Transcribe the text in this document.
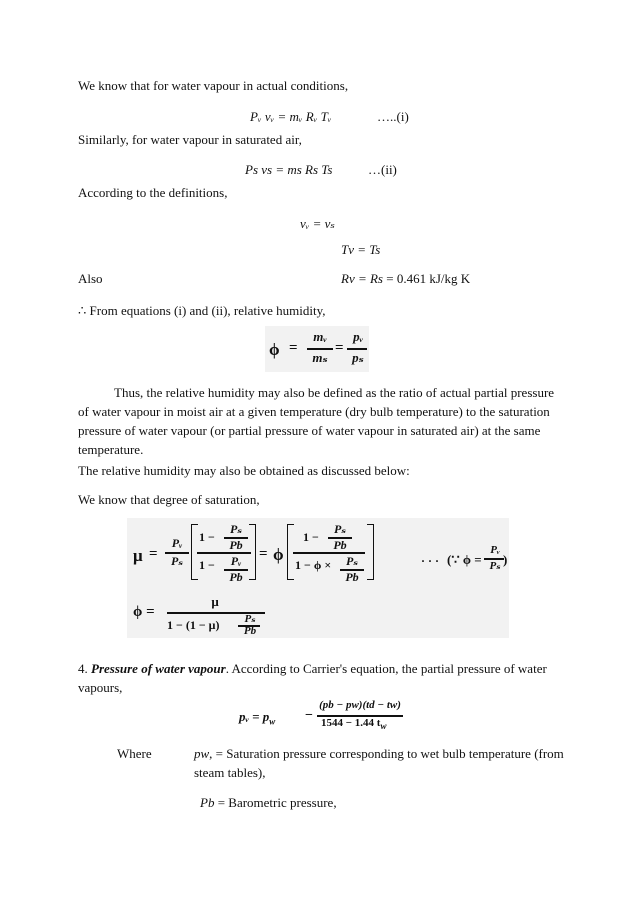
We know that for water vapour in actual conditions,
Pᵥ vᵥ = mᵥ Rᵥ Tᵥ	…..(i)
Similarly, for water vapour in saturated air,
Ps vs = ms Rs Ts	…(ii)
According to the definitions,
vᵥ = vₛ
Tv = Ts
Also	Rv = Rs = 0.461 kJ/kg K
∴ From equations (i) and (ii), relative humidity,
ϕ =
mᵥ
mₛ
=
pᵥ
pₛ
Thus, the relative humidity may also be defined as the ratio of actual partial pressure of water vapour in moist air at a given temperature (dry bulb temperature) to the saturation pressure of water vapour (or partial pressure of water vapour in saturated air) at the same temperature.
The relative humidity may also be obtained as discussed below:
We know that degree of saturation,
μ =
Pᵥ
Pₛ
1 −
Pₛ
Pb
1 −	Pᵥ
Pb
= ϕ
1 −
Pₛ
Pb
1 − ϕ ×	Pₛ
Pb
· · · (∵ ϕ =
Pᵥ
Pₛ )
ϕ =
μ
1 − (1 − μ)	Pₛ
Pb
4. Pressure of water vapour. According to Carrier's equation, the partial pressure of water vapours,
pᵥ = $p_w$ −
(pb − pw)(td − tw)
1544 − 1.44 $t_w$
Where	pw, = Saturation pressure corresponding to wet bulb temperature (from steam tables),
Pb = Barometric pressure,
